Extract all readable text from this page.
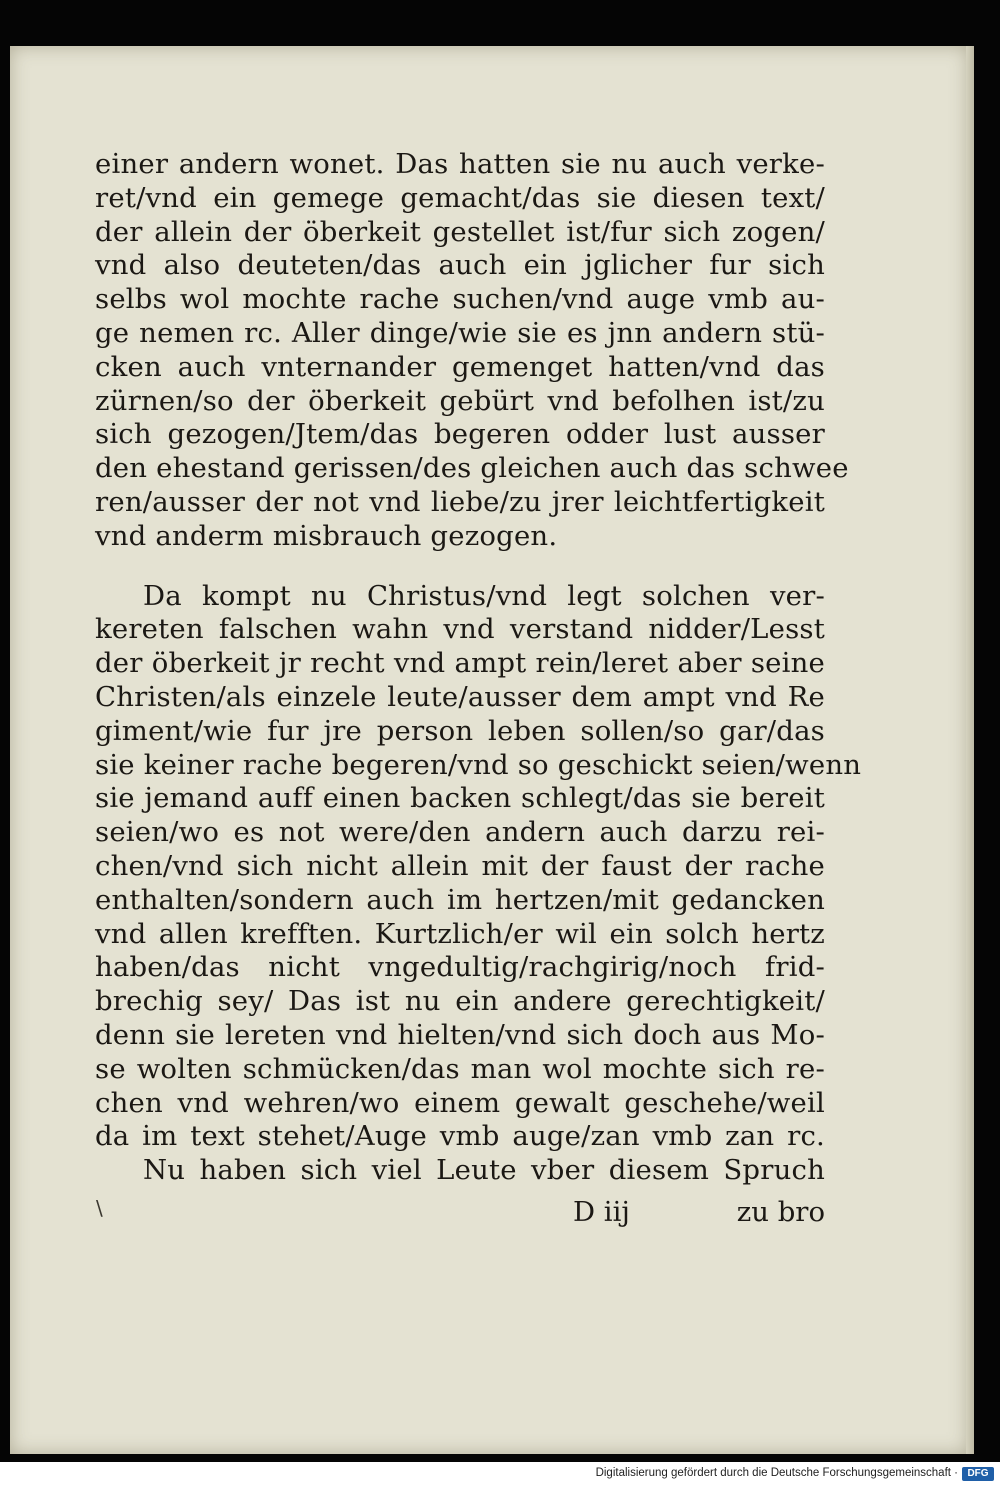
einer andern wonet. Das hatten sie nu auch verke-
ret/vnd ein gemege gemacht/das sie diesen text/
der allein der öberkeit gestellet ist/fur sich zogen/
vnd also deuteten/das auch ein jglicher fur sich
selbs wol mochte rache suchen/vnd auge vmb au-
ge nemen rc. Aller dinge/wie sie es jnn andern stü-
cken auch vnternander gemenget hatten/vnd das
zürnen/so der öberkeit gebürt vnd befolhen ist/zu
sich gezogen/Jtem/das begeren odder lust ausser
den ehestand gerissen/des gleichen auch das schwee
ren/ausser der not vnd liebe/zu jrer leichtfertigkeit
vnd anderm misbrauch gezogen.

Da kompt nu Christus/vnd legt solchen ver-
kereten falschen wahn vnd verstand nidder/Lesst
der öberkeit jr recht vnd ampt rein/leret aber seine
Christen/als einzele leute/ausser dem ampt vnd Re
giment/wie fur jre person leben sollen/so gar/das
sie keiner rache begeren/vnd so geschickt seien/wenn
sie jemand auff einen backen schlegt/das sie bereit
seien/wo es not were/den andern auch darzu rei-
chen/vnd sich nicht allein mit der faust der rache
enthalten/sondern auch im hertzen/mit gedancken
vnd allen krefften. Kurtzlich/er wil ein solch hertz
haben/das nicht vngedultig/rachgirig/noch frid-
brechig sey/ Das ist nu ein andere gerechtigkeit/
denn sie lereten vnd hielten/vnd sich doch aus Mo-
se wolten schmücken/das man wol mochte sich re-
chen vnd wehren/wo einem gewalt geschehe/weil
da im text stehet/Auge vmb auge/zan vmb zan rc.
Nu haben sich viel Leute vber diesem Spruch

D iij	zu bro
\
Digitalisierung gefördert durch die Deutsche Forschungsgemeinschaft · DFG
